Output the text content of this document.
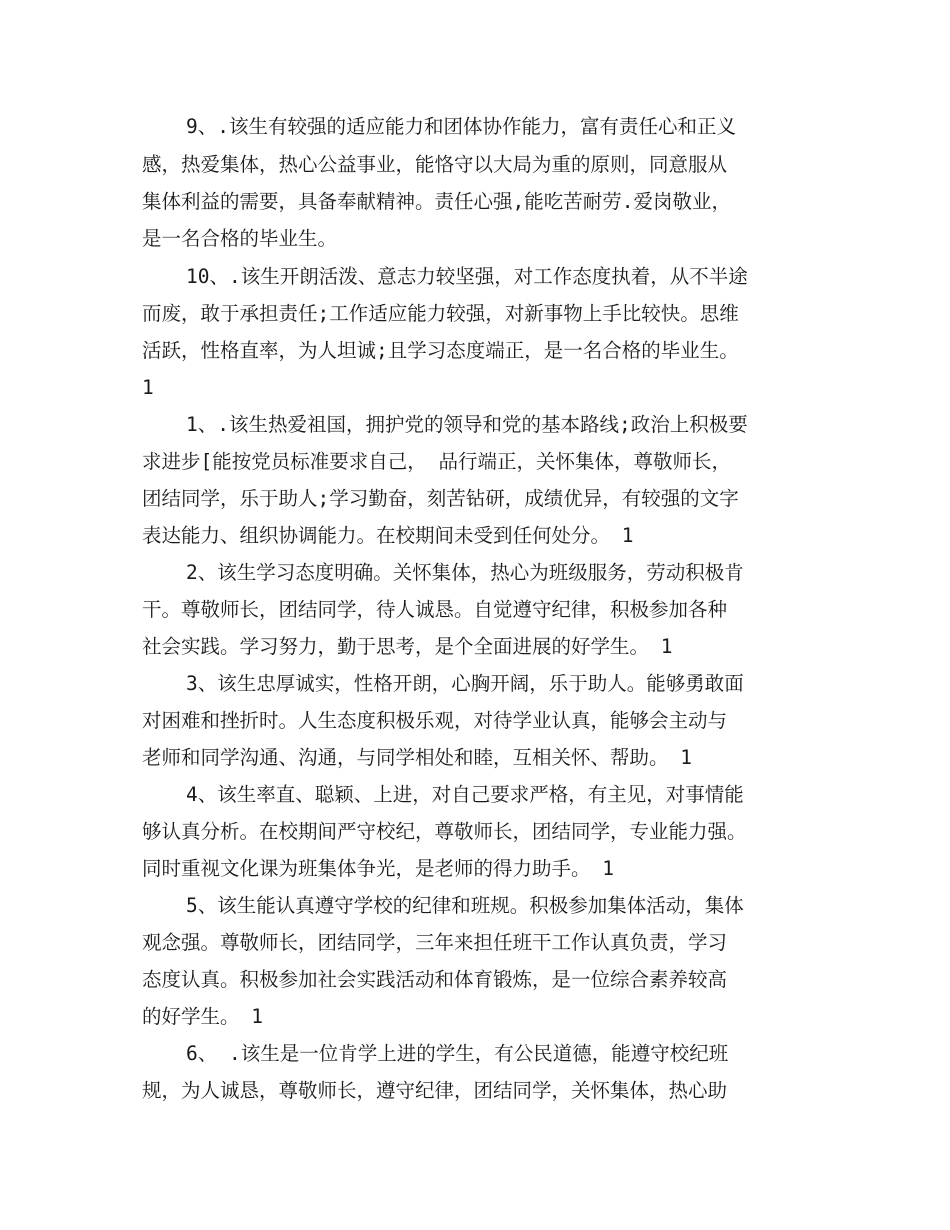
9、.该生有较强的适应能力和团体协作能力，富有责任心和正义
感，热爱集体，热心公益事业，能恪守以大局为重的原则，同意服从
集体利益的需要，具备奉献精神。责任心强,能吃苦耐劳.爱岗敬业，
是一名合格的毕业生。
10、.该生开朗活泼、意志力较坚强，对工作态度执着，从不半途
而废，敢于承担责任;工作适应能力较强，对新事物上手比较快。思维
活跃，性格直率，为人坦诚;且学习态度端正，是一名合格的毕业生。
1
1、.该生热爱祖国，拥护党的领导和党的基本路线;政治上积极要
求进步[能按党员标准要求自己， 品行端正，关怀集体，尊敬师长，
团结同学，乐于助人;学习勤奋，刻苦钻研，成绩优异，有较强的文字
表达能力、组织协调能力。在校期间未受到任何处分。 1
2、该生学习态度明确。关怀集体，热心为班级服务，劳动积极肯
干。尊敬师长，团结同学，待人诚恳。自觉遵守纪律，积极参加各种
社会实践。学习努力，勤于思考，是个全面进展的好学生。 1
3、该生忠厚诚实，性格开朗，心胸开阔，乐于助人。能够勇敢面
对困难和挫折时。人生态度积极乐观，对待学业认真，能够会主动与
老师和同学沟通、沟通，与同学相处和睦，互相关怀、帮助。 1
4、该生率直、聪颖、上进，对自己要求严格，有主见，对事情能
够认真分析。在校期间严守校纪，尊敬师长，团结同学，专业能力强。
同时重视文化课为班集体争光，是老师的得力助手。 1
5、该生能认真遵守学校的纪律和班规。积极参加集体活动，集体
观念强。尊敬师长，团结同学，三年来担任班干工作认真负责，学习
态度认真。积极参加社会实践活动和体育锻炼，是一位综合素养较高
的好学生。 1
6、 .该生是一位肯学上进的学生，有公民道德，能遵守校纪班
规，为人诚恳，尊敬师长，遵守纪律，团结同学，关怀集体，热心助
